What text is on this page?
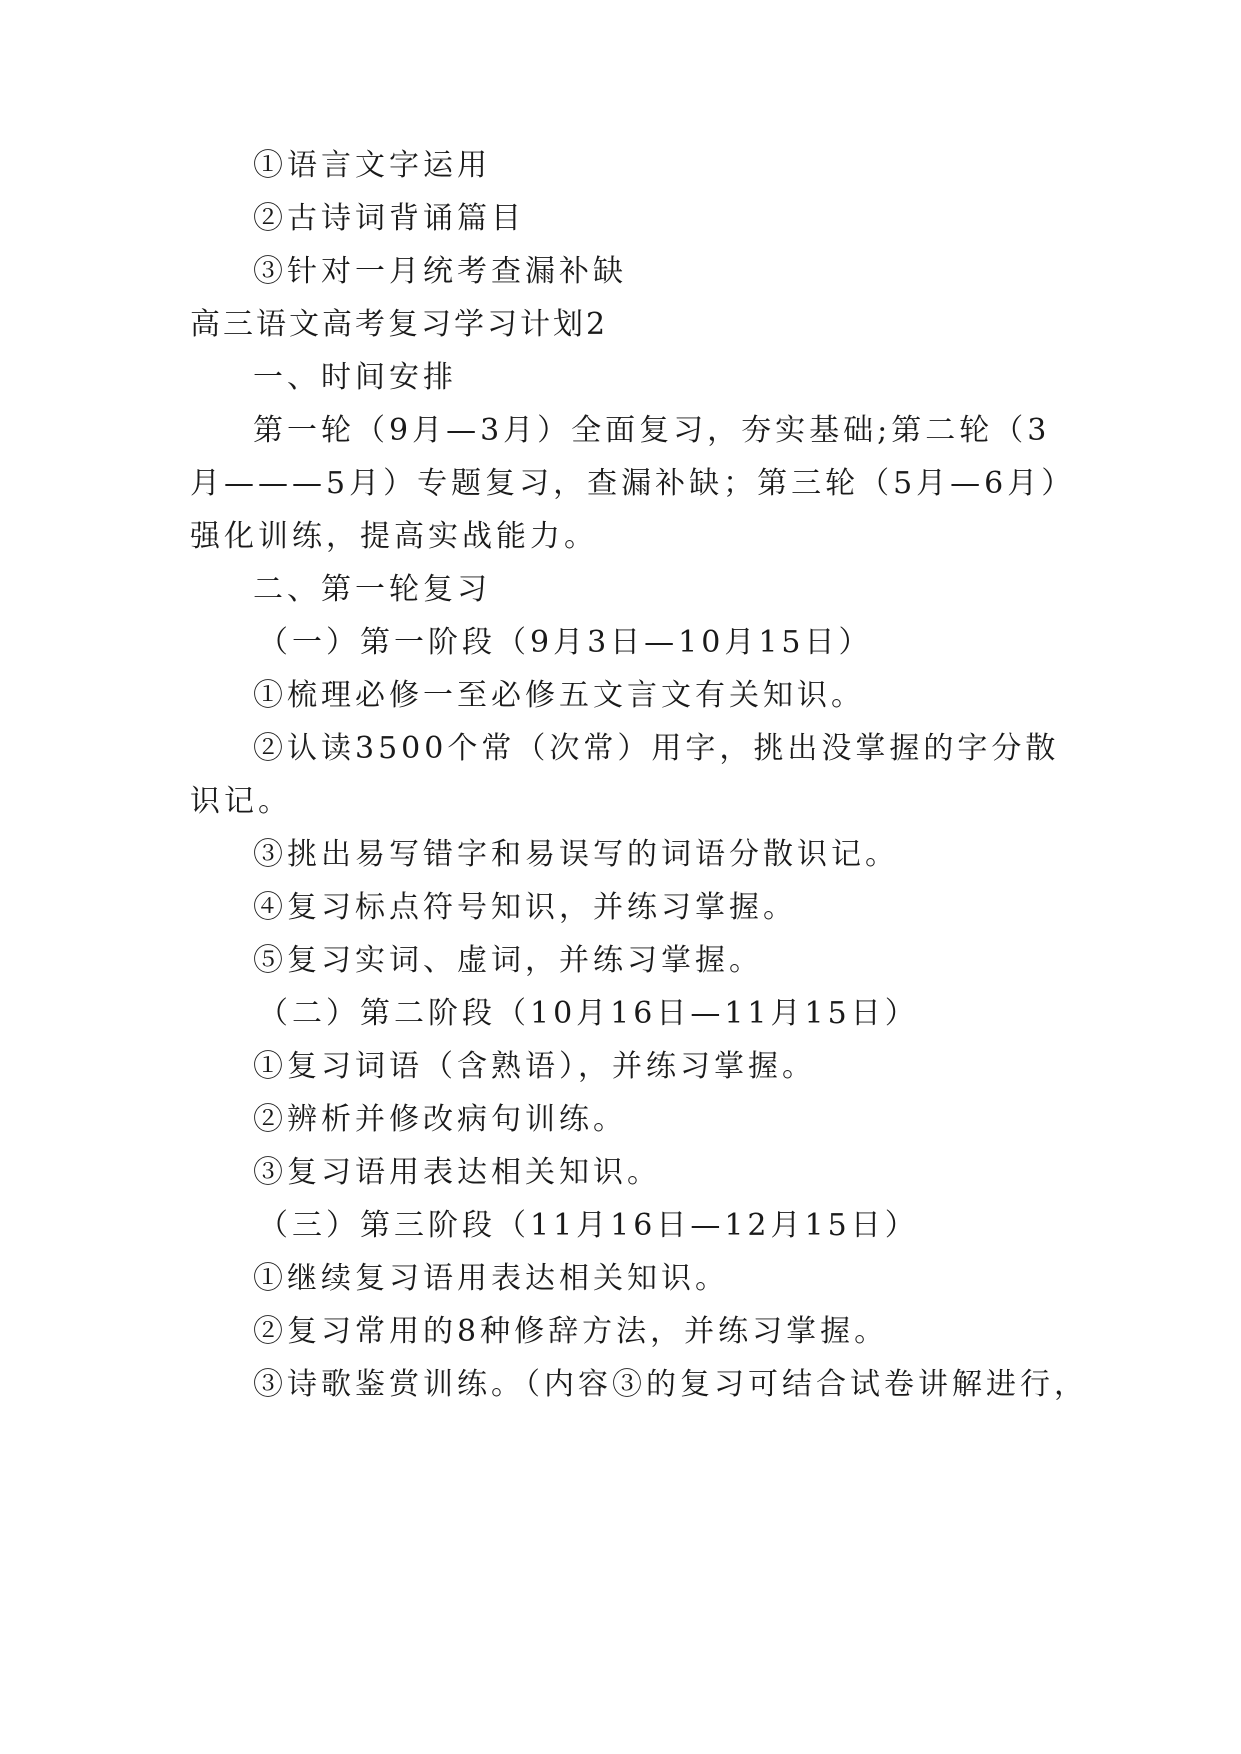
①语言文字运用
②古诗词背诵篇目
③针对一月统考查漏补缺
高三语文高考复习学习计划2
一、时间安排
第一轮（9月—3月）全面复习，夯实基础;第二轮（3
月———5月）专题复习，查漏补缺；第三轮（5月—6月）
强化训练，提高实战能力。
二、第一轮复习
（一）第一阶段（9月3日—10月15日）
①梳理必修一至必修五文言文有关知识。
②认读3500个常（次常）用字，挑出没掌握的字分散
识记。
③挑出易写错字和易误写的词语分散识记。
④复习标点符号知识，并练习掌握。
⑤复习实词、虚词，并练习掌握。
（二）第二阶段（10月16日—11月15日）
①复习词语（含熟语），并练习掌握。
②辨析并修改病句训练。
③复习语用表达相关知识。
（三）第三阶段（11月16日—12月15日）
①继续复习语用表达相关知识。
②复习常用的8种修辞方法，并练习掌握。
③诗歌鉴赏训练。（内容③的复习可结合试卷讲解进行，
